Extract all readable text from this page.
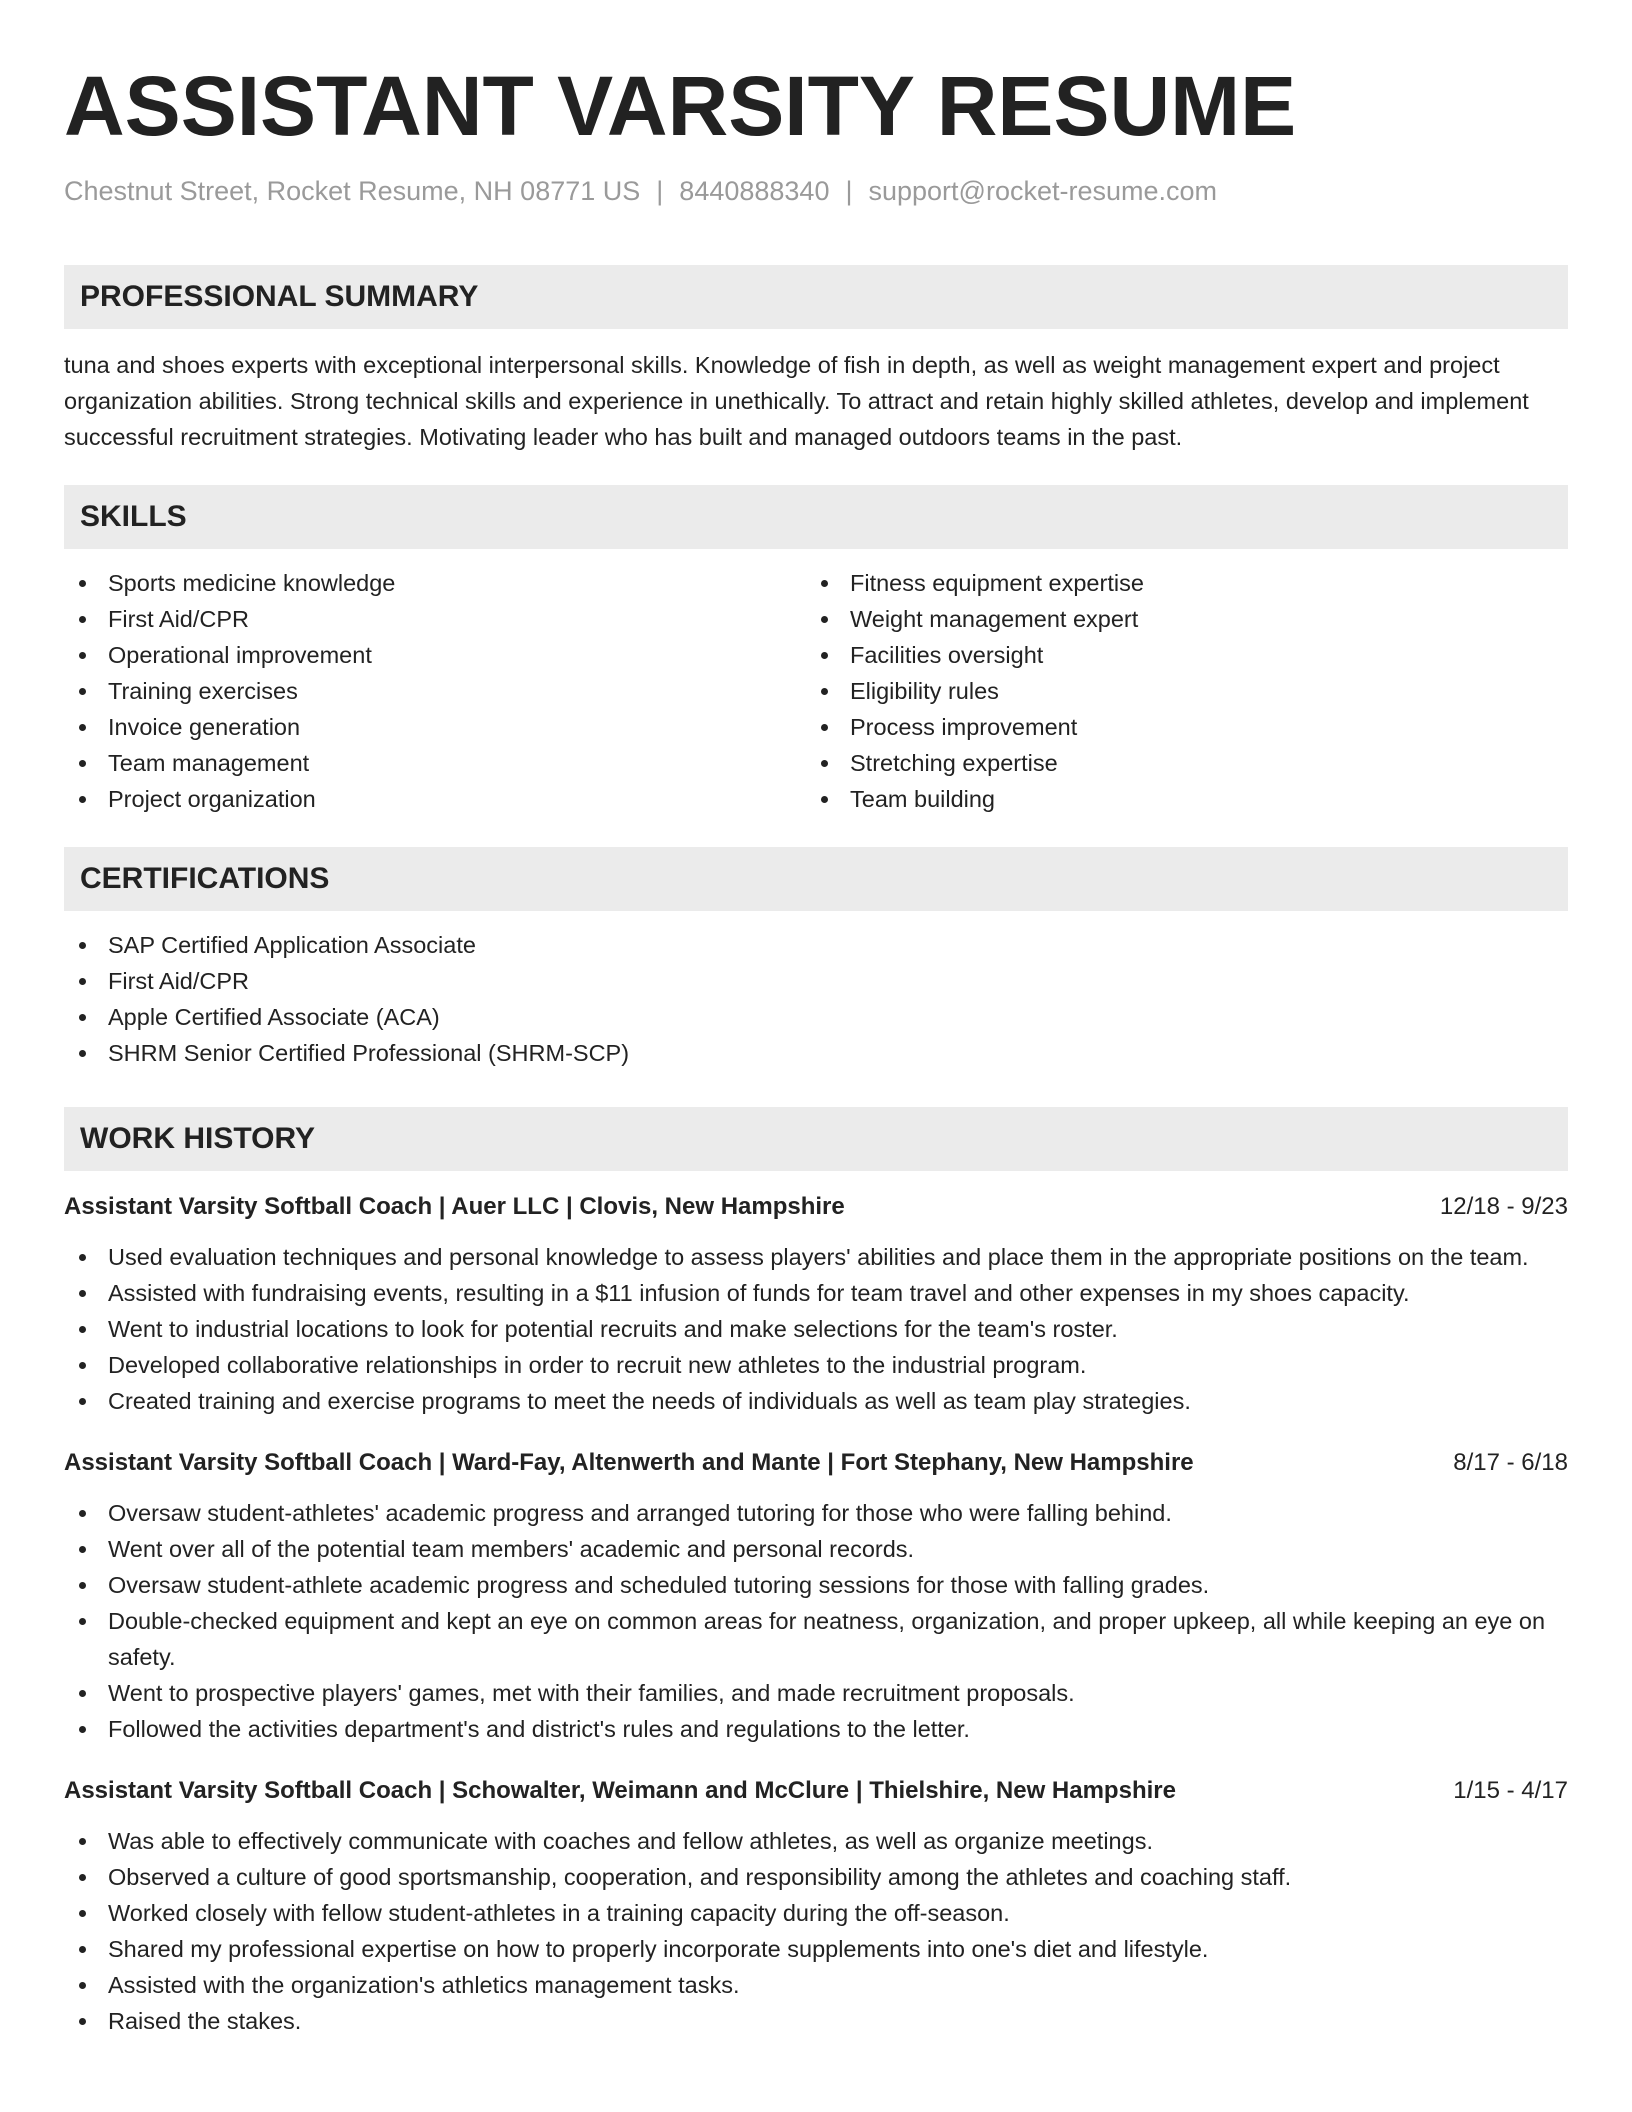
ASSISTANT VARSITY RESUME
Chestnut Street, Rocket Resume, NH 08771 US | 8440888340 | support@rocket-resume.com
PROFESSIONAL SUMMARY

tuna and shoes experts with exceptional interpersonal skills. Knowledge of fish in depth, as well as weight management expert and project organization abilities. Strong technical skills and experience in unethically. To attract and retain highly skilled athletes, develop and implement successful recruitment strategies. Motivating leader who has built and managed outdoors teams in the past.

SKILLS
Sports medicine knowledge
First Aid/CPR
Operational improvement
Training exercises
Invoice generation
Team management
Project organization
Fitness equipment expertise
Weight management expert
Facilities oversight
Eligibility rules
Process improvement
Stretching expertise
Team building
CERTIFICATIONS
SAP Certified Application Associate
First Aid/CPR
Apple Certified Associate (ACA)
SHRM Senior Certified Professional (SHRM-SCP)
WORK HISTORY
Assistant Varsity Softball Coach | Auer LLC | Clovis, New Hampshire	12/18 - 9/23
Used evaluation techniques and personal knowledge to assess players' abilities and place them in the appropriate positions on the team.
Assisted with fundraising events, resulting in a $11 infusion of funds for team travel and other expenses in my shoes capacity.
Went to industrial locations to look for potential recruits and make selections for the team's roster.
Developed collaborative relationships in order to recruit new athletes to the industrial program.
Created training and exercise programs to meet the needs of individuals as well as team play strategies.
Assistant Varsity Softball Coach | Ward-Fay, Altenwerth and Mante | Fort Stephany, New Hampshire	8/17 - 6/18
Oversaw student-athletes' academic progress and arranged tutoring for those who were falling behind.
Went over all of the potential team members' academic and personal records.
Oversaw student-athlete academic progress and scheduled tutoring sessions for those with falling grades.
Double-checked equipment and kept an eye on common areas for neatness, organization, and proper upkeep, all while keeping an eye on safety.
Went to prospective players' games, met with their families, and made recruitment proposals.
Followed the activities department's and district's rules and regulations to the letter.
Assistant Varsity Softball Coach | Schowalter, Weimann and McClure | Thielshire, New Hampshire	1/15 - 4/17
Was able to effectively communicate with coaches and fellow athletes, as well as organize meetings.
Observed a culture of good sportsmanship, cooperation, and responsibility among the athletes and coaching staff.
Worked closely with fellow student-athletes in a training capacity during the off-season.
Shared my professional expertise on how to properly incorporate supplements into one's diet and lifestyle.
Assisted with the organization's athletics management tasks.
Raised the stakes.
